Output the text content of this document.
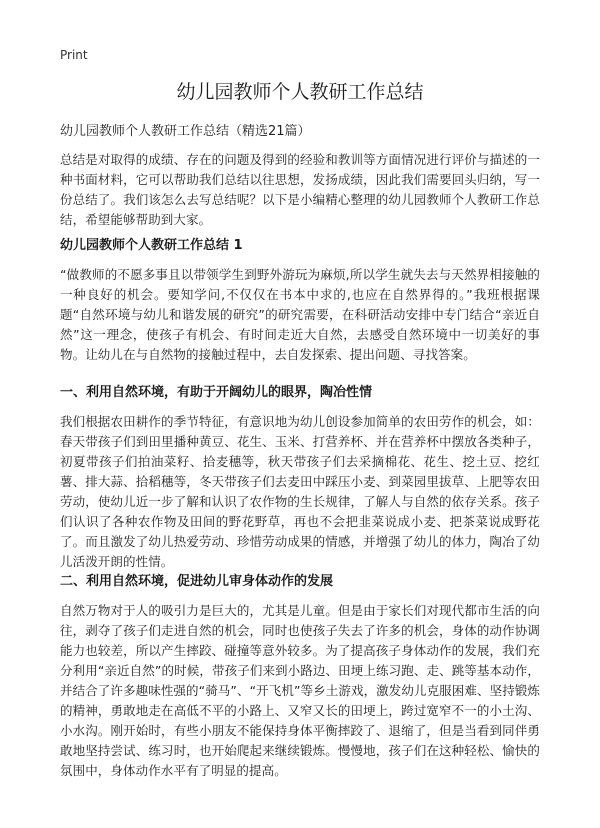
Print
幼儿园教师个人教研工作总结

幼儿园教师个人教研工作总结（精选21篇）

总结是对取得的成绩、存在的问题及得到的经验和教训等方面情况进行评价与描述的一种书面材料，它可以帮助我们总结以往思想，发扬成绩，因此我们需要回头归纳，写一份总结了。我们该怎么去写总结呢？以下是小编精心整理的幼儿园教师个人教研工作总结，希望能够帮助到大家。

幼儿园教师个人教研工作总结 1

“做教师的不愿多事且以带领学生到野外游玩为麻烦,所以学生就失去与天然界相接触的一种良好的机会。要知学问,不仅仅在书本中求的,也应在自然界得的。”我班根据课题“自然环境与幼儿和谐发展的研究”的研究需要，在科研活动安排中专门结合“亲近自然”这一理念，使孩子有机会、有时间走近大自然，去感受自然环境中一切美好的事物。让幼儿在与自然物的接触过程中，去自发探索、提出问题、寻找答案。

一、利用自然环境，有助于开阔幼儿的眼界，陶冶性情

我们根据农田耕作的季节特征，有意识地为幼儿创设参加简单的农田劳作的机会，如：春天带孩子们到田里播种黄豆、花生、玉米、打营养杯、并在营养杯中摆放各类种子，初夏带孩子们拍油菜籽、拾麦穗等，秋天带孩子们去采摘棉花、花生、挖土豆、挖红薯、排大蒜、拾稻穗等，冬天带孩子们去麦田中踩压小麦、到菜园里拔草、上肥等农田劳动，使幼儿近一步了解和认识了农作物的生长规律，了解人与自然的依存关系。孩子们认识了各种农作物及田间的野花野草，再也不会把韭菜说成小麦、把茶菜说成野花了。而且激发了幼儿热爱劳动、珍惜劳动成果的情感，并增强了幼儿的体力，陶冶了幼儿活泼开朗的性情。

二、利用自然环境，促进幼儿审身体动作的发展

自然万物对于人的吸引力是巨大的，尤其是儿童。但是由于家长们对现代都市生活的向往，剥夺了孩子们走进自然的机会，同时也使孩子失去了许多的机会，身体的动作协调能力也较差，所以产生摔跤、碰撞等意外较多。为了提高孩子身体动作的发展，我们充分利用“亲近自然”的时候，带孩子们来到小路边、田埂上练习跑、走、跳等基本动作，并结合了许多趣味性强的“骑马”、“开飞机”等乡土游戏，激发幼儿克服困难、坚持锻炼的精神，勇敢地走在高低不平的小路上、又窄又长的田埂上，跨过宽窄不一的小土沟、小水沟。刚开始时，有些小朋友不能保持身体平衡摔跤了、退缩了，但是当看到同伴勇敢地坚持尝试、练习时，也开始爬起来继续锻炼。慢慢地，孩子们在这种轻松、愉快的氛围中，身体动作水平有了明显的提高。
